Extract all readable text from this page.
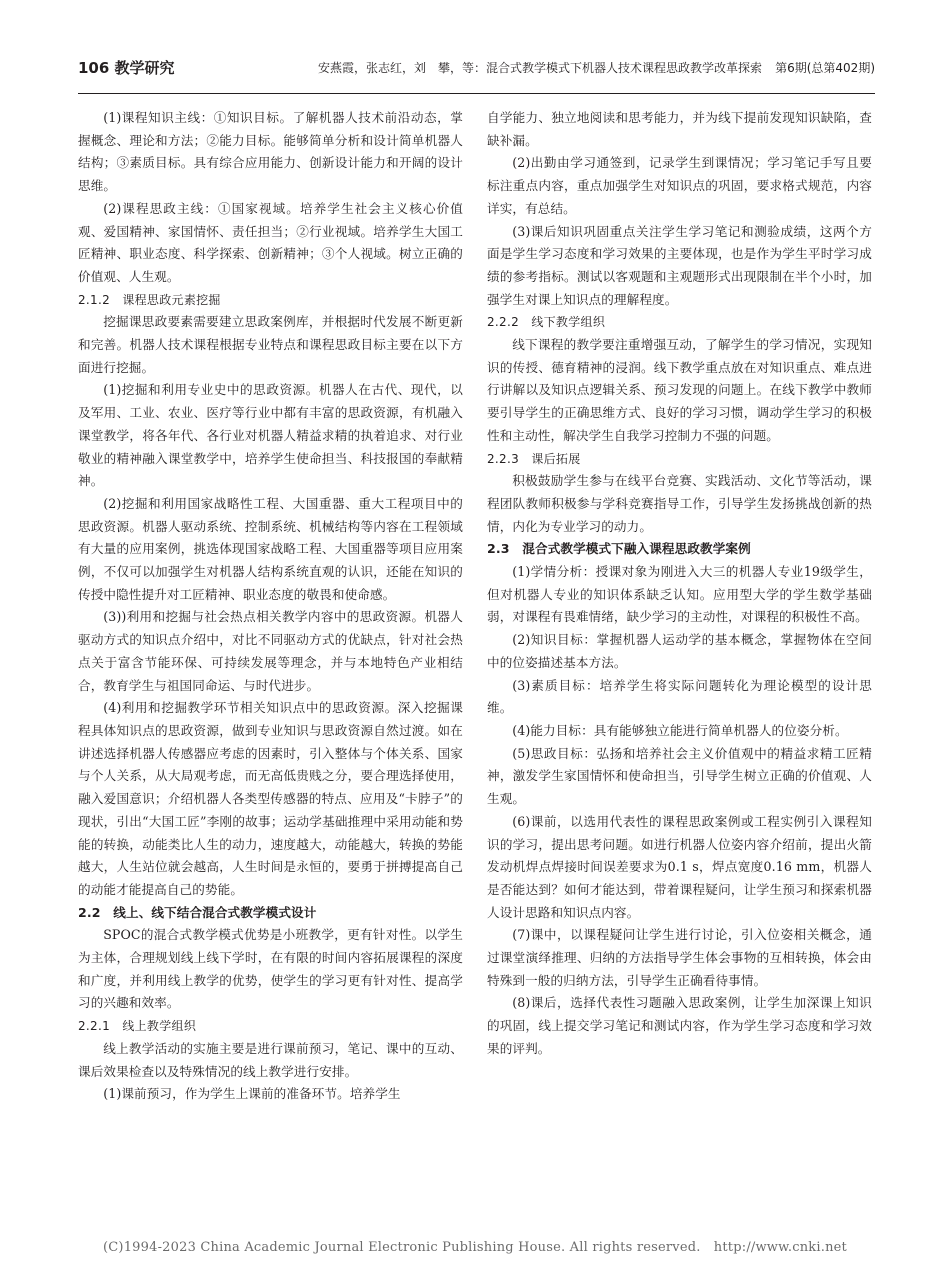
106 教学研究	安燕霞，张志红，刘　攀，等：混合式教学模式下机器人技术课程思政教学改革探索 第6期(总第402期)

(1)课程知识主线：①知识目标。了解机器人技术前沿动态，掌握概念、理论和方法；②能力目标。能够简单分析和设计简单机器人结构；③素质目标。具有综合应用能力、创新设计能力和开阔的设计思维。

(2)课程思政主线：①国家视域。培养学生社会主义核心价值观、爱国精神、家国情怀、责任担当；②行业视域。培养学生大国工匠精神、职业态度、科学探索、创新精神；③个人视域。树立正确的价值观、人生观。

2.1.2　课程思政元素挖掘

挖掘课思政要素需要建立思政案例库，并根据时代发展不断更新和完善。机器人技术课程根据专业特点和课程思政目标主要在以下方面进行挖掘。

(1)挖掘和利用专业史中的思政资源。机器人在古代、现代，以及军用、工业、农业、医疗等行业中都有丰富的思政资源，有机融入课堂教学，将各年代、各行业对机器人精益求精的执着追求、对行业敬业的精神融入课堂教学中，培养学生使命担当、科技报国的奉献精神。

(2)挖掘和利用国家战略性工程、大国重器、重大工程项目中的思政资源。机器人驱动系统、控制系统、机械结构等内容在工程领域有大量的应用案例，挑选体现国家战略工程、大国重器等项目应用案例，不仅可以加强学生对机器人结构系统直观的认识，还能在知识的传授中隐性提升对工匠精神、职业态度的敬畏和使命感。

(3))利用和挖掘与社会热点相关教学内容中的思政资源。机器人驱动方式的知识点介绍中，对比不同驱动方式的优缺点，针对社会热点关于富含节能环保、可持续发展等理念，并与本地特色产业相结合，教育学生与祖国同命运、与时代进步。

(4)利用和挖掘教学环节相关知识点中的思政资源。深入挖掘课程具体知识点的思政资源，做到专业知识与思政资源自然过渡。如在讲述选择机器人传感器应考虑的因素时，引入整体与个体关系、国家与个人关系，从大局观考虑，而无高低贵贱之分，要合理选择使用，融入爱国意识；介绍机器人各类型传感器的特点、应用及“卡脖子”的现状，引出“大国工匠”李刚的故事；运动学基础推理中采用动能和势能的转换，动能类比人生的动力，速度越大，动能越大，转换的势能越大，人生站位就会越高，人生时间是永恒的，要勇于拼搏提高自己的动能才能提高自己的势能。

2.2　线上、线下结合混合式教学模式设计

SPOC的混合式教学模式优势是小班教学，更有针对性。以学生为主体，合理规划线上线下学时，在有限的时间内容拓展课程的深度和广度，并利用线上教学的优势，使学生的学习更有针对性、提高学习的兴趣和效率。

2.2.1　线上教学组织

线上教学活动的实施主要是进行课前预习，笔记、课中的互动、课后效果检查以及特殊情况的线上教学进行安排。

(1)课前预习，作为学生上课前的准备环节。培养学生

自学能力、独立地阅读和思考能力，并为线下提前发现知识缺陷，查缺补漏。

(2)出勤由学习通签到，记录学生到课情况；学习笔记手写且要标注重点内容，重点加强学生对知识点的巩固，要求格式规范，内容详实，有总结。

(3)课后知识巩固重点关注学生学习笔记和测验成绩，这两个方面是学生学习态度和学习效果的主要体现，也是作为学生平时学习成绩的参考指标。测试以客观题和主观题形式出现限制在半个小时，加强学生对课上知识点的理解程度。

2.2.2　线下教学组织

线下课程的教学要注重增强互动，了解学生的学习情况，实现知识的传授、德育精神的浸润。线下教学重点放在对知识重点、难点进行讲解以及知识点逻辑关系、预习发现的问题上。在线下教学中教师要引导学生的正确思维方式、良好的学习习惯，调动学生学习的积极性和主动性，解决学生自我学习控制力不强的问题。

2.2.3　课后拓展

积极鼓励学生参与在线平台竞赛、实践活动、文化节等活动，课程团队教师积极参与学科竞赛指导工作，引导学生发扬挑战创新的热情，内化为专业学习的动力。

2.3　混合式教学模式下融入课程思政教学案例

(1)学情分析：授课对象为刚进入大三的机器人专业19级学生，但对机器人专业的知识体系缺乏认知。应用型大学的学生数学基础弱，对课程有畏难情绪，缺少学习的主动性，对课程的积极性不高。

(2)知识目标：掌握机器人运动学的基本概念，掌握物体在空间中的位姿描述基本方法。

(3)素质目标：培养学生将实际问题转化为理论模型的设计思维。

(4)能力目标：具有能够独立能进行简单机器人的位姿分析。

(5)思政目标：弘扬和培养社会主义价值观中的精益求精工匠精神，激发学生家国情怀和使命担当，引导学生树立正确的价值观、人生观。

(6)课前，以选用代表性的课程思政案例或工程实例引入课程知识的学习，提出思考问题。如进行机器人位姿内容介绍前，提出火箭发动机焊点焊接时间误差要求为0.1 s，焊点宽度0.16 mm，机器人是否能达到？如何才能达到，带着课程疑问，让学生预习和探索机器人设计思路和知识点内容。

(7)课中，以课程疑问让学生进行讨论，引入位姿相关概念，通过课堂演绎推理、归纳的方法指导学生体会事物的互相转换，体会由特殊到一般的归纳方法，引导学生正确看待事情。

(8)课后，选择代表性习题融入思政案例，让学生加深课上知识的巩固，线上提交学习笔记和测试内容，作为学生学习态度和学习效果的评判。

(C)1994-2023 China Academic Journal Electronic Publishing House. All rights reserved.　http://www.cnki.net
